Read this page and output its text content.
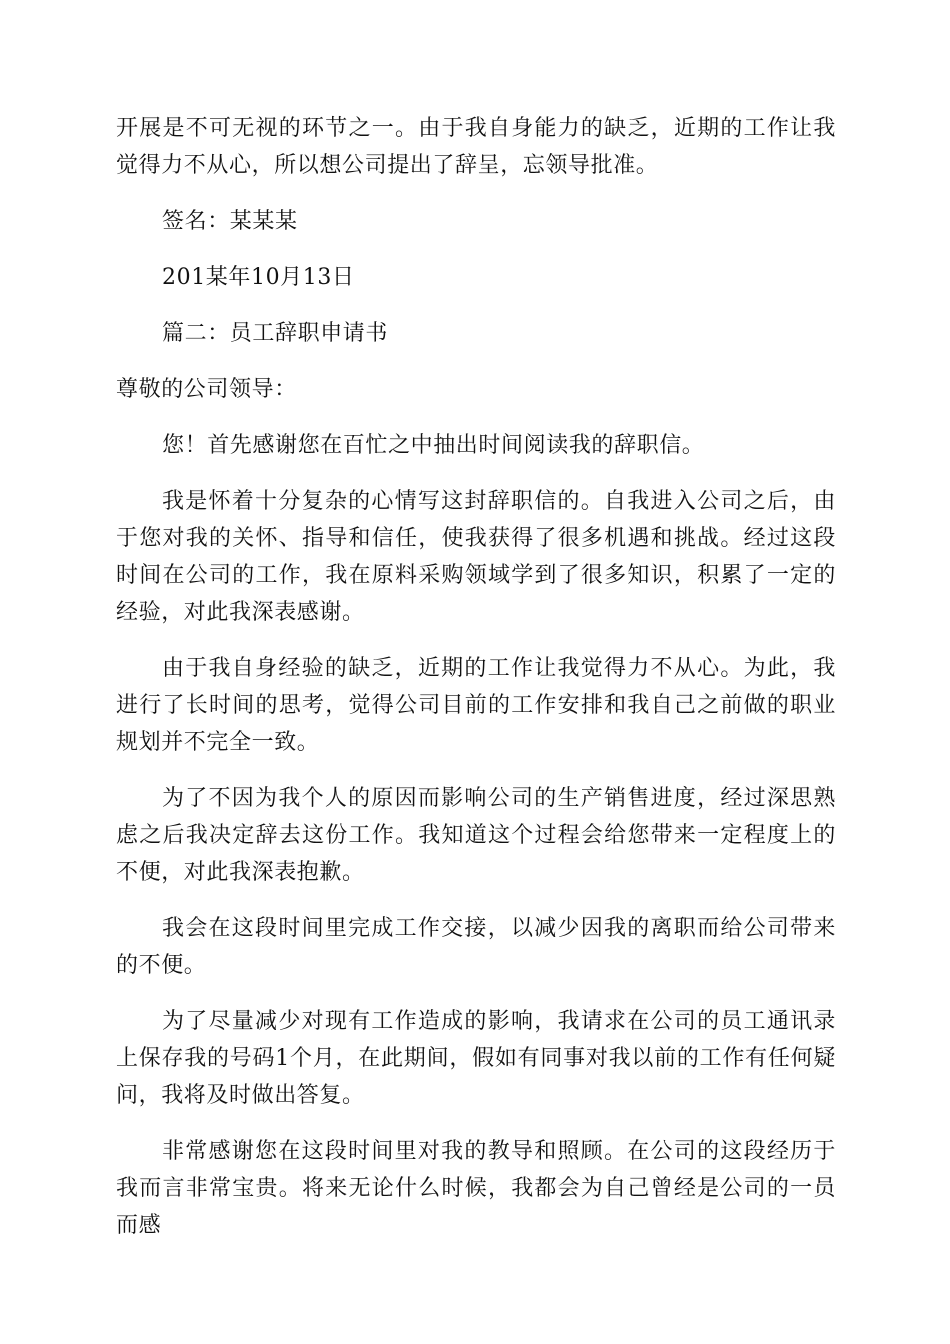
开展是不可无视的环节之一。由于我自身能力的缺乏，近期的工作让我觉得力不从心，所以想公司提出了辞呈，忘领导批准。

签名：某某某

201某年10月13日

篇二：员工辞职申请书

尊敬的公司领导：

您！首先感谢您在百忙之中抽出时间阅读我的辞职信。

我是怀着十分复杂的心情写这封辞职信的。自我进入公司之后，由于您对我的关怀、指导和信任，使我获得了很多机遇和挑战。经过这段时间在公司的工作，我在原料采购领域学到了很多知识，积累了一定的经验，对此我深表感谢。

由于我自身经验的缺乏，近期的工作让我觉得力不从心。为此，我进行了长时间的思考，觉得公司目前的工作安排和我自己之前做的职业规划并不完全一致。

为了不因为我个人的原因而影响公司的生产销售进度，经过深思熟虑之后我决定辞去这份工作。我知道这个过程会给您带来一定程度上的不便，对此我深表抱歉。

我会在这段时间里完成工作交接，以减少因我的离职而给公司带来的不便。

为了尽量减少对现有工作造成的影响，我请求在公司的员工通讯录上保存我的号码1个月，在此期间，假如有同事对我以前的工作有任何疑问，我将及时做出答复。

非常感谢您在这段时间里对我的教导和照顾。在公司的这段经历于我而言非常宝贵。将来无论什么时候，我都会为自己曾经是公司的一员而感
